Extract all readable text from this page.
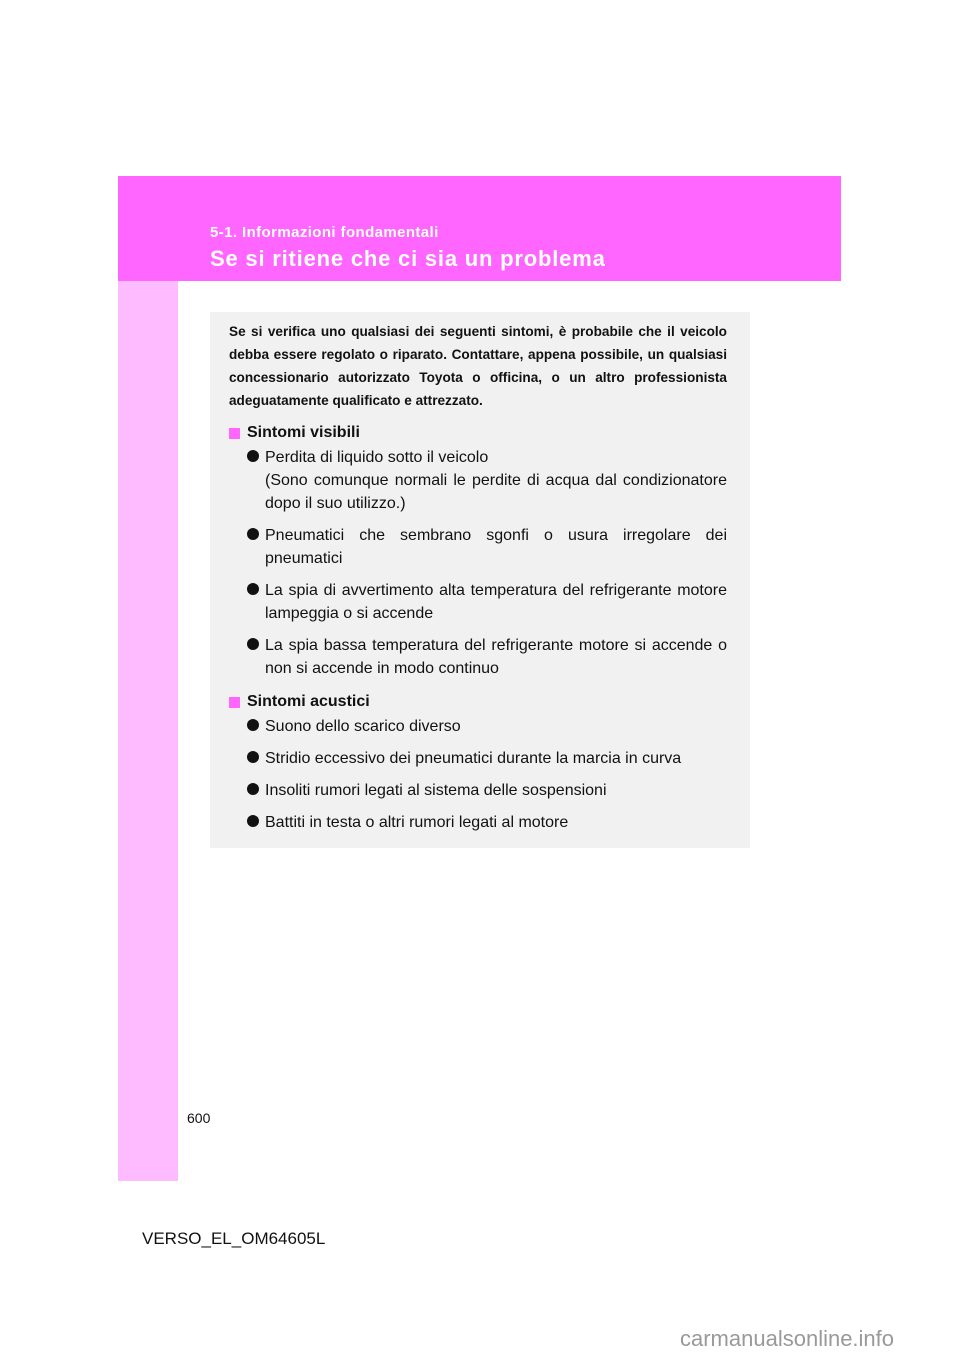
5-1. Informazioni fondamentali
Se si ritiene che ci sia un problema

Se si verifica uno qualsiasi dei seguenti sintomi, è probabile che il veicolo debba essere regolato o riparato. Contattare, appena possibile, un qualsiasi concessionario autorizzato Toyota o officina, o un altro professionista adeguatamente qualificato e attrezzato.

Sintomi visibili
Perdita di liquido sotto il veicolo
(Sono comunque normali le perdite di acqua dal condizionatore dopo il suo utilizzo.)
Pneumatici che sembrano sgonfi o usura irregolare dei pneumatici
La spia di avvertimento alta temperatura del refrigerante motore lampeggia o si accende
La spia bassa temperatura del refrigerante motore si accende o non si accende in modo continuo
Sintomi acustici
Suono dello scarico diverso
Stridio eccessivo dei pneumatici durante la marcia in curva
Insoliti rumori legati al sistema delle sospensioni
Battiti in testa o altri rumori legati al motore
600
VERSO_EL_OM64605L
carmanualsonline.info
